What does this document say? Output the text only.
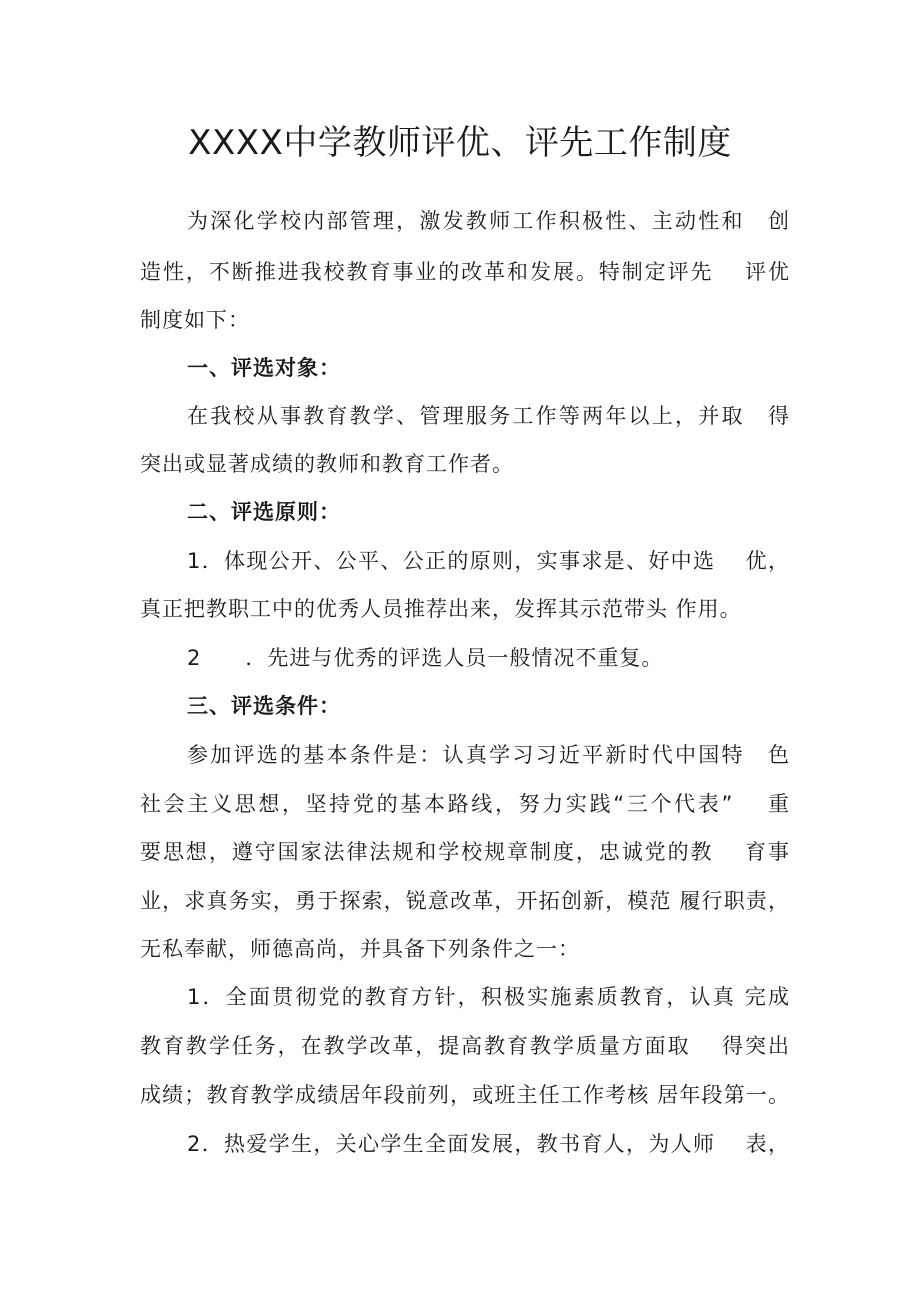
XXXX中学教师评优、评先工作制度
为深化学校内部管理，激发教师工作积极性、主动性和　创
造性，不断推进我校教育事业的改革和发展。特制定评先　 评优
制度如下：
一、评选对象：
在我校从事教育教学、管理服务工作等两年以上，并取　得
突出或显著成绩的教师和教育工作者。
二、评选原则：
1．体现公开、公平、公正的原则，实事求是、好中选　 优，
真正把教职工中的优秀人员推荐出来，发挥其示范带头 作用。
2　　．先进与优秀的评选人员一般情况不重复。
三、评选条件：
参加评选的基本条件是：认真学习习近平新时代中国特　色
社会主义思想，坚持党的基本路线，努力实践“三个代表”　 重
要思想，遵守国家法律法规和学校规章制度，忠诚党的教　 育事
业，求真务实，勇于探索，锐意改革，开拓创新，模范 履行职责，
无私奉献，师德高尚，并具备下列条件之一：
1．全面贯彻党的教育方针，积极实施素质教育，认真 完成
教育教学任务，在教学改革，提高教育教学质量方面取　 得突出
成绩；教育教学成绩居年段前列，或班主任工作考核 居年段第一。
2．热爱学生，关心学生全面发展，教书育人，为人师　 表，
